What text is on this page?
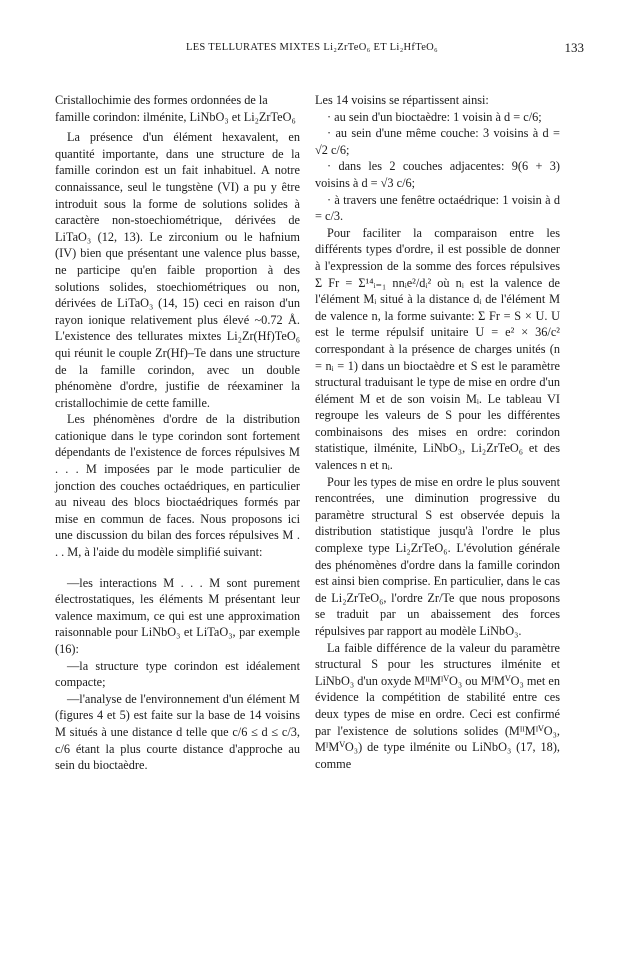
LES TELLURATES MIXTES Li₂ZrTeO₆ ET Li₂HfTeO₆	133
Cristallochimie des formes ordonnées de la famille corindon: ilménite, LiNbO₃ et Li₂ZrTeO₆

La présence d'un élément hexavalent, en quantité importante, dans une structure de la famille corindon est un fait inhabituel. A notre connaissance, seul le tungstène (VI) a pu y être introduit sous la forme de solutions solides à caractère non-stoechiométrique, dérivées de LiTaO₃ (12, 13). Le zirconium ou le hafnium (IV) bien que présentant une valence plus basse, ne participe qu'en faible proportion à des solutions solides, stoechiométriques ou non, dérivées de LiTaO₃ (14, 15) ceci en raison d'un rayon ionique relativement plus élevé ~0.72 Å. L'existence des tellurates mixtes Li₂Zr(Hf)TeO₆ qui réunit le couple Zr(Hf)–Te dans une structure de la famille corindon, avec un double phénomène d'ordre, justifie de réexaminer la cristallochimie de cette famille.

Les phénomènes d'ordre de la distribution cationique dans le type corindon sont fortement dépendants de l'existence de forces répulsives M . . . M imposées par le mode particulier de jonction des couches octaédriques, en particulier au niveau des blocs bioctaédriques formés par mise en commun de faces. Nous proposons ici une discussion du bilan des forces répulsives M . . . M, à l'aide du modèle simplifié suivant:

—les interactions M . . . M sont purement électrostatiques, les éléments M présentant leur valence maximum, ce qui est une approximation raisonnable pour LiNbO₃ et LiTaO₃, par exemple (16):

—la structure type corindon est idéalement compacte;

—l'analyse de l'environnement d'un élément M (figures 4 et 5) est faite sur la base de 14 voisins M situés à une distance d telle que c/6 ≤ d ≤ c/3, c/6 étant la plus courte distance d'approche au sein du bioctaèdre.

Les 14 voisins se répartissent ainsi:

· au sein d'un bioctaèdre: 1 voisin à d = c/6;

· au sein d'une même couche: 3 voisins à d = √2 c/6;

· dans les 2 couches adjacentes: 9(6 + 3) voisins à d = √3 c/6;

· à travers une fenêtre octaédrique: 1 voisin à d = c/3.

Pour faciliter la comparaison entre les différents types d'ordre, il est possible de donner à l'expression de la somme des forces répulsives Σ Fr = Σ¹⁴ᵢ₌₁ nnᵢe²/dᵢ² où nᵢ est la valence de l'élément Mᵢ situé à la distance dᵢ de l'élément M de valence n, la forme suivante: Σ Fr = S × U. U est le terme répulsif unitaire U = e² × 36/c² correspondant à la présence de charges unités (n = nᵢ = 1) dans un bioctaèdre et S est le paramètre structural traduisant le type de mise en ordre d'un élément M et de son voisin Mᵢ. Le tableau VI regroupe les valeurs de S pour les différentes combinaisons des mises en ordre: corindon statistique, ilménite, LiNbO₃, Li₂ZrTeO₆ et des valences n et nᵢ.

Pour les types de mise en ordre le plus souvent rencontrées, une diminution progressive du paramètre structural S est observée depuis la distribution statistique jusqu'à l'ordre le plus complexe type Li₂ZrTeO₆. L'évolution générale des phénomènes d'ordre dans la famille corindon est ainsi bien comprise. En particulier, dans le cas de Li₂ZrTeO₆, l'ordre Zr/Te que nous proposons se traduit par un abaissement des forces répulsives par rapport au modèle LiNbO₃.

La faible différence de la valeur du paramètre structural S pour les structures ilménite et LiNbO₃ d'un oxyde MᴵᴵMᴵⱽO₃ ou MᴵMⱽO₃ met en évidence la compétition de stabilité entre ces deux types de mise en ordre. Ceci est confirmé par l'existence de solutions solides (MᴵᴵMᴵⱽO₃, MᴵMⱽO₃) de type ilménite ou LiNbO₃ (17, 18), comme
